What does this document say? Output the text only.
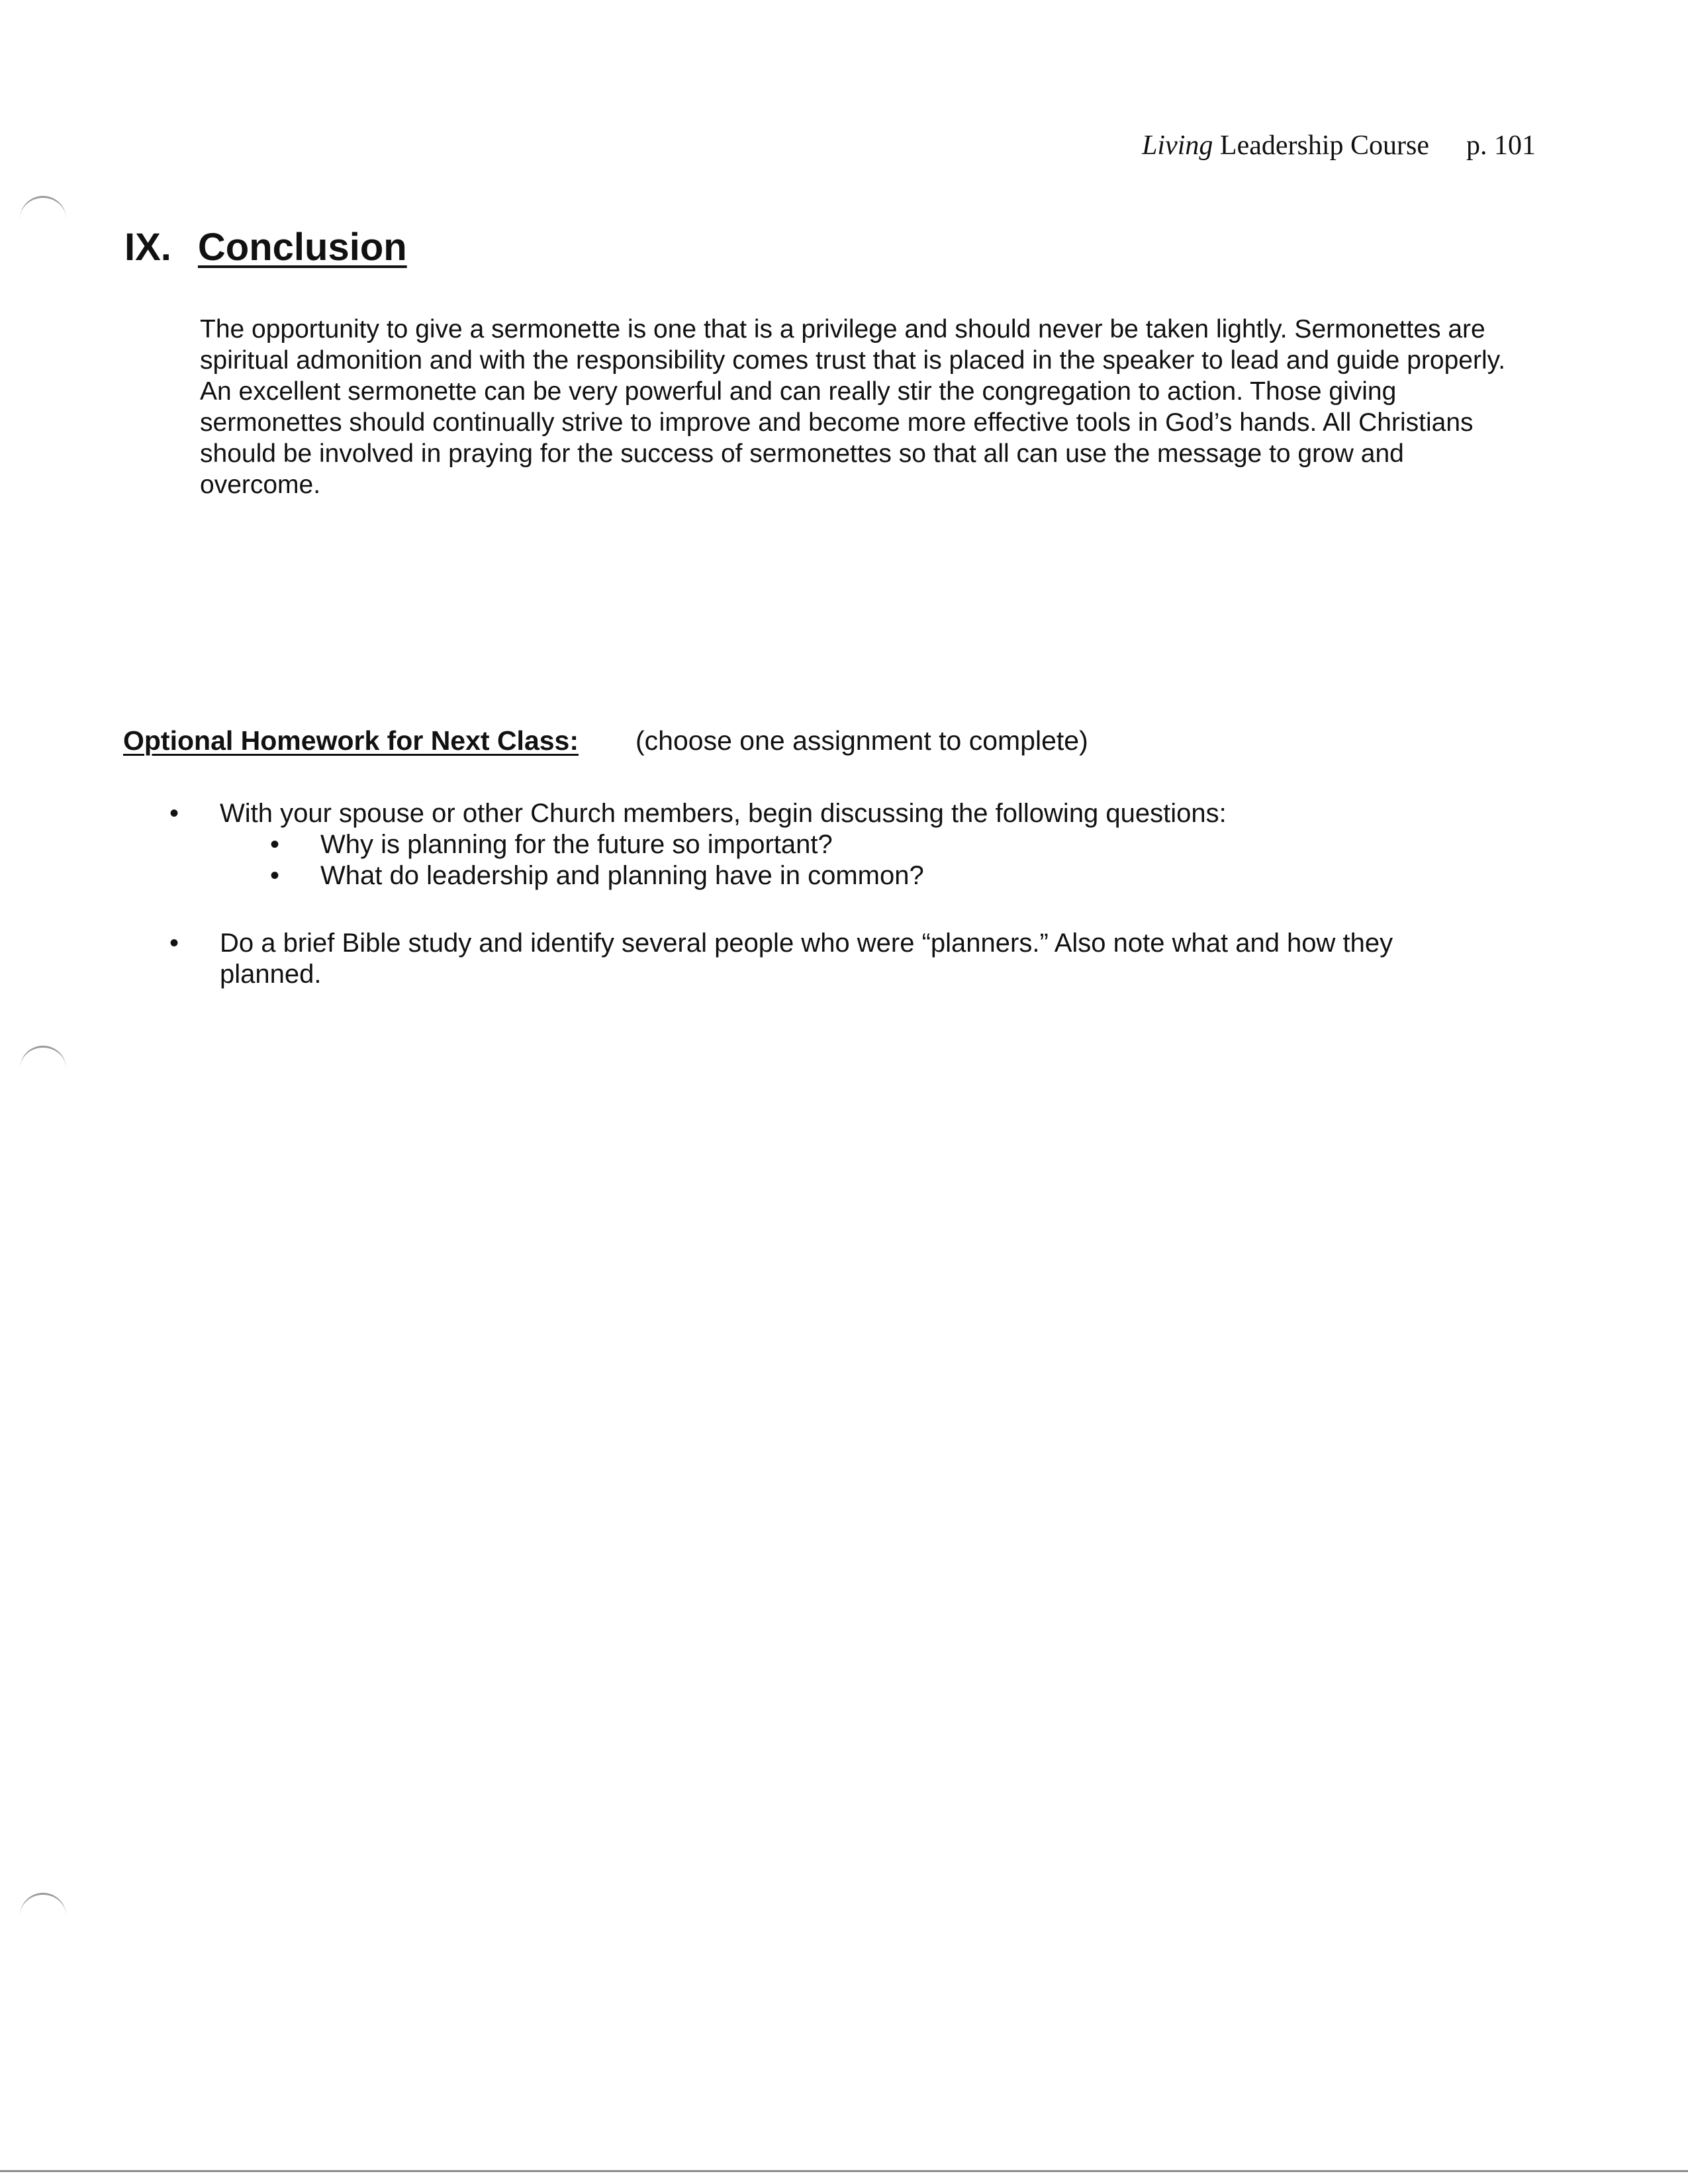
Living Leadership Course p. 101
IX. Conclusion

The opportunity to give a sermonette is one that is a privilege and should never be taken lightly. Sermonettes are spiritual admonition and with the responsibility comes trust that is placed in the speaker to lead and guide properly. An excellent sermonette can be very powerful and can really stir the congregation to action. Those giving sermonettes should continually strive to improve and become more effective tools in God’s hands. All Christians should be involved in praying for the success of sermonettes so that all can use the message to grow and overcome.

Optional Homework for Next Class: (choose one assignment to complete)
• With your spouse or other Church members, begin discussing the following questions:
• Why is planning for the future so important?
• What do leadership and planning have in common?
• Do a brief Bible study and identify several people who were “planners.” Also note what and how they planned.
